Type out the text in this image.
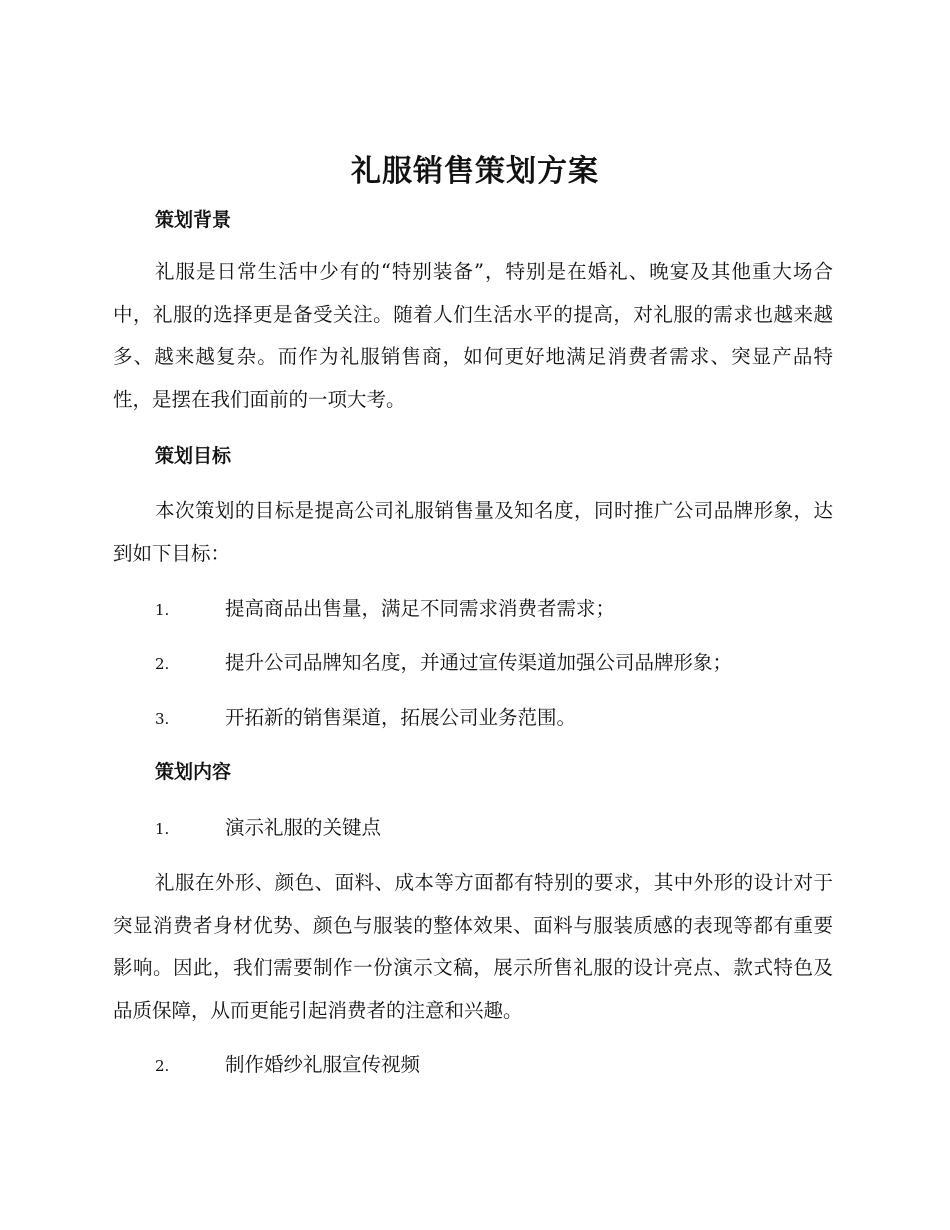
礼服销售策划方案
策划背景

礼服是日常生活中少有的“特别装备”，特别是在婚礼、晚宴及其他重大场合中，礼服的选择更是备受关注。随着人们生活水平的提高，对礼服的需求也越来越多、越来越复杂。而作为礼服销售商，如何更好地满足消费者需求、突显产品特性，是摆在我们面前的一项大考。

策划目标

本次策划的目标是提高公司礼服销售量及知名度，同时推广公司品牌形象，达到如下目标：

1.	提高商品出售量，满足不同需求消费者需求；
2.	提升公司品牌知名度，并通过宣传渠道加强公司品牌形象；
3.	开拓新的销售渠道，拓展公司业务范围。
策划内容
1.	演示礼服的关键点

礼服在外形、颜色、面料、成本等方面都有特别的要求，其中外形的设计对于突显消费者身材优势、颜色与服装的整体效果、面料与服装质感的表现等都有重要影响。因此，我们需要制作一份演示文稿，展示所售礼服的设计亮点、款式特色及品质保障，从而更能引起消费者的注意和兴趣。

2.	制作婚纱礼服宣传视频
